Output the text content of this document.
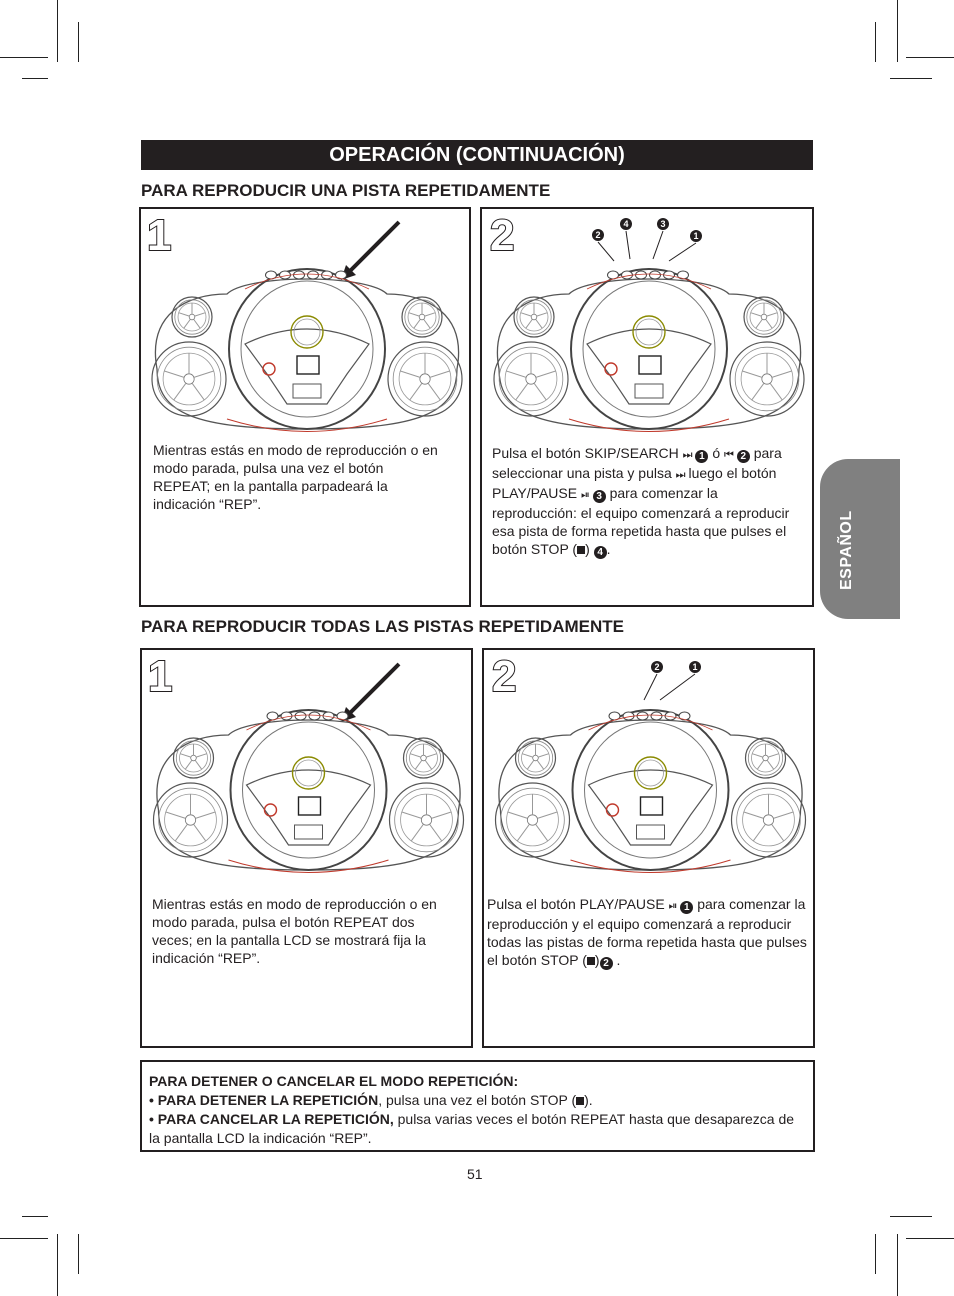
OPERACIÓN (CONTINUACIÓN)
PARA REPRODUCIR UNA PISTA REPETIDAMENTE
1
Mientras estás en modo de reproducción o en modo parada, pulsa una vez el botón REPEAT; en la pantalla parpadeará la indicación “REP”.
2	2
4	3
1
Pulsa el botón SKIP/SEARCH ⏭ 1 ó ⏮ 2 para seleccionar una pista y pulsa ⏭ luego el botón PLAY/PAUSE ⏯ 3 para comenzar la reproducción: el equipo comenzará a reproducir esa pista de forma repetida hasta que pulses el botón STOP ( ) 4 .
PARA REPRODUCIR TODAS LAS PISTAS REPETIDAMENTE
1
Mientras estás en modo de reproducción o en modo parada, pulsa el botón REPEAT dos veces; en la pantalla LCD se mostrará fija la indicación “REP”.
2	2	1
Pulsa el botón PLAY/PAUSE ⏯ 1 para comenzar la reproducción y el equipo comenzará a reproducir todas las pistas de forma repetida hasta que pulses el botón STOP ( ) 2 .
PARA DETENER O CANCELAR EL MODO REPETICIÓN:
• PARA DETENER LA REPETICIÓN, pulsa una vez el botón STOP ( ).
• PARA CANCELAR LA REPETICIÓN, pulsa varias veces el botón REPEAT hasta que desaparezca de la pantalla LCD la indicación “REP”.
ESPAÑOL
51
